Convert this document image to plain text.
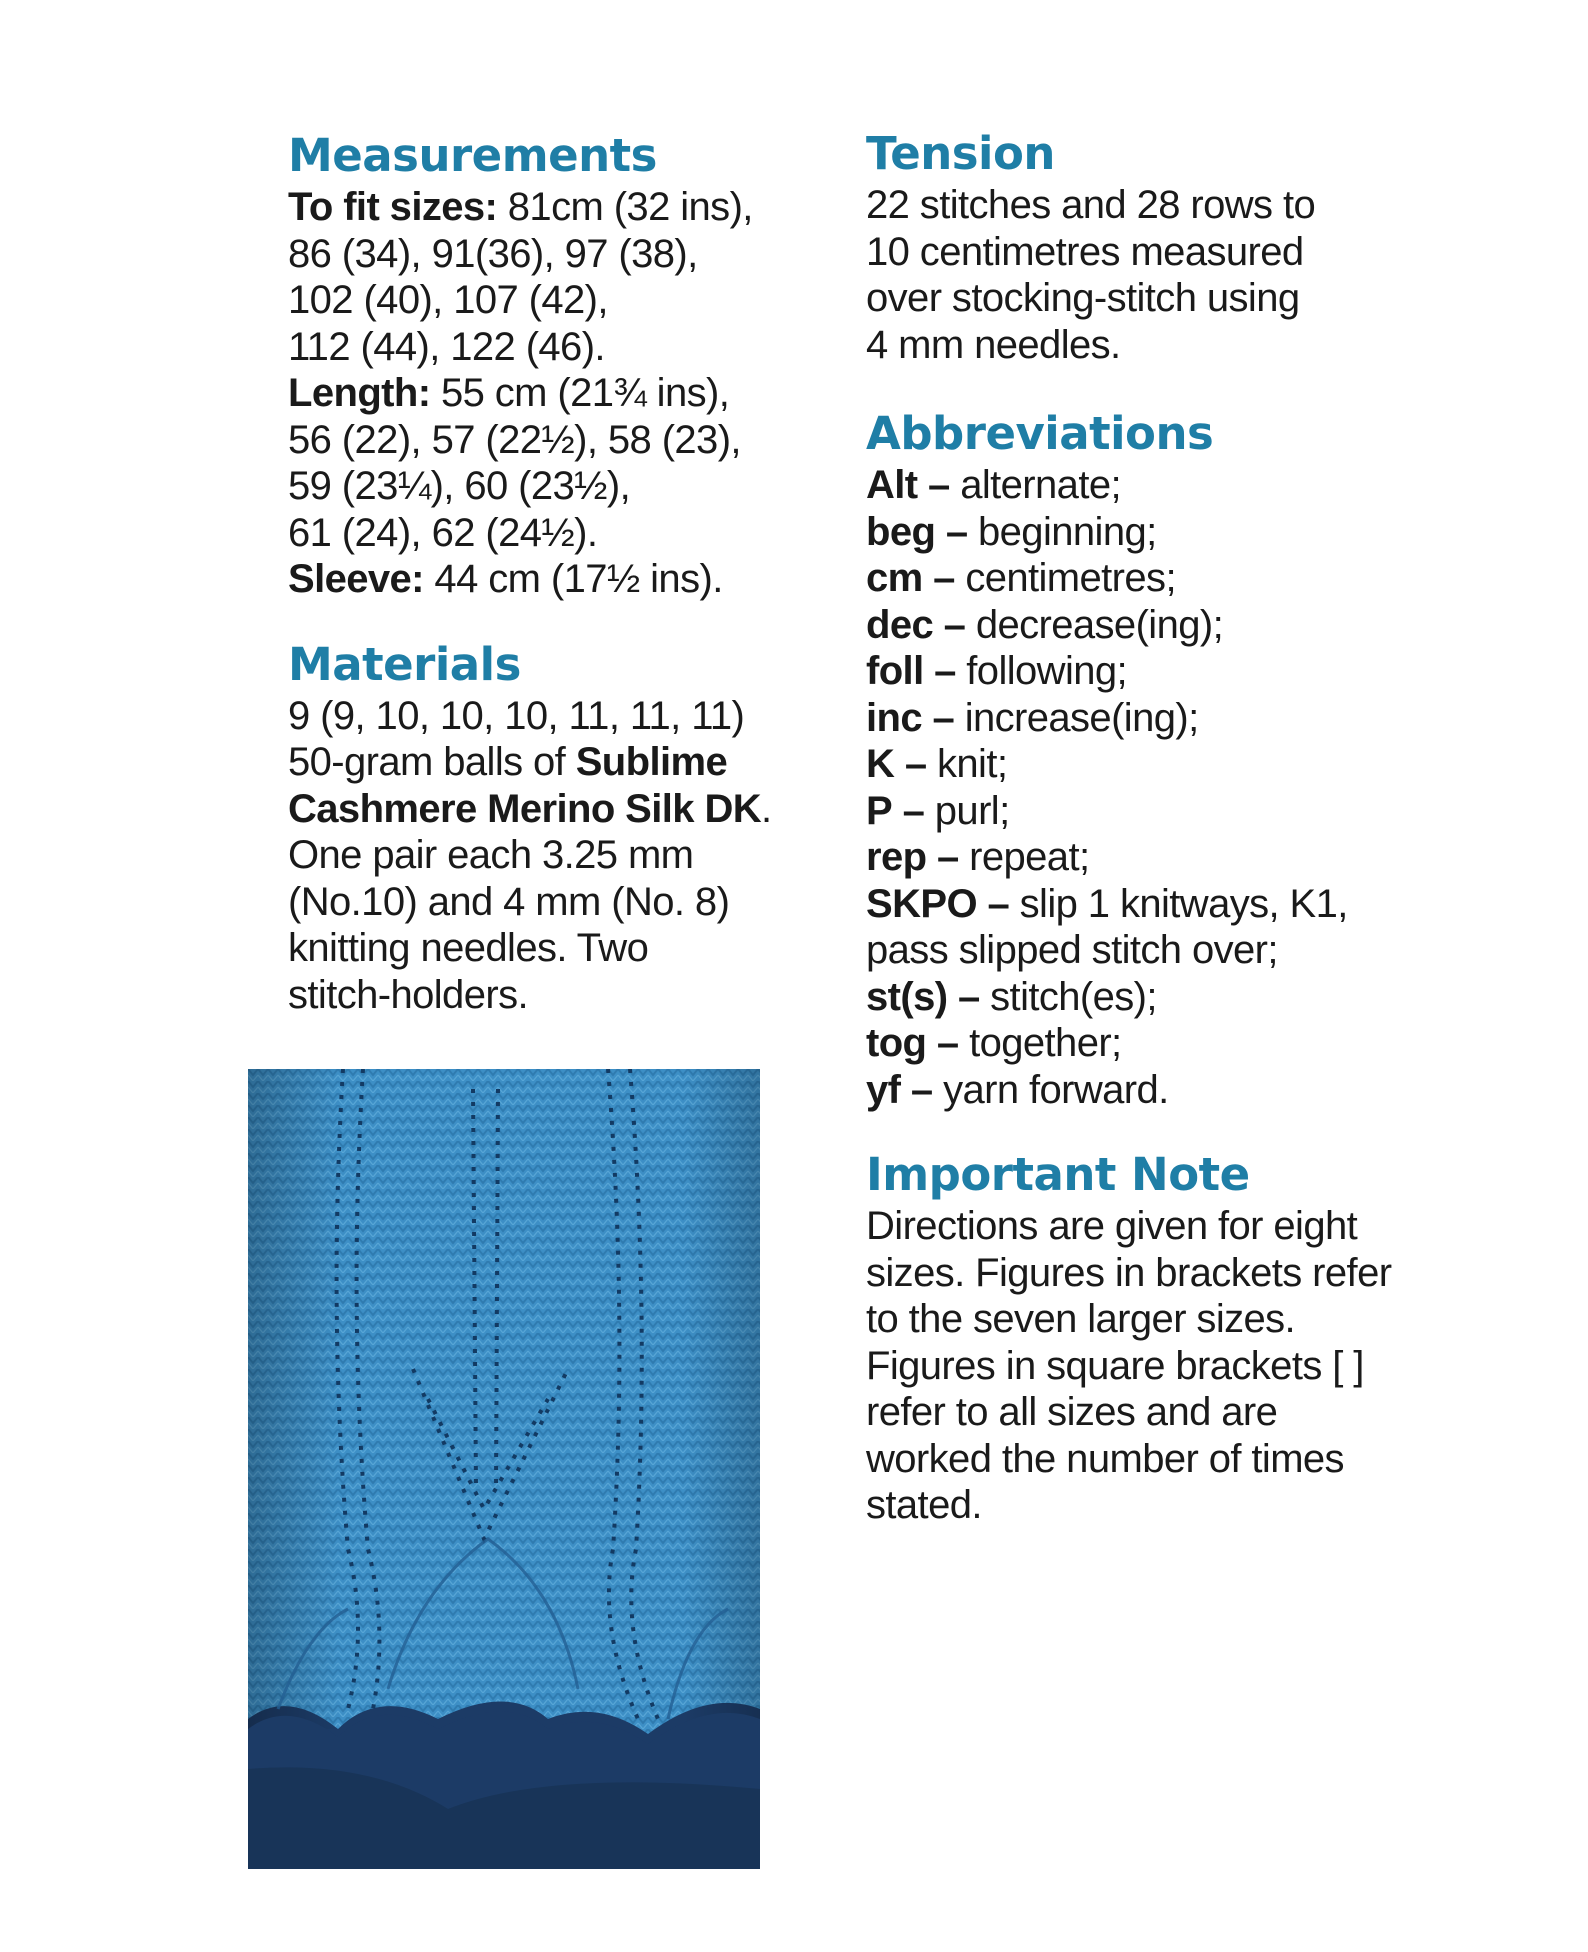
Measurements

To fit sizes: 81cm (32 ins),
86 (34), 91(36), 97 (38),
102 (40), 107 (42),
112 (44), 122 (46).
Length: 55 cm (21¾ ins),
56 (22), 57 (22½), 58 (23),
59 (23¼), 60 (23½),
61 (24), 62 (24½).
Sleeve: 44 cm (17½ ins).

Materials

9 (9, 10, 10, 10, 11, 11, 11)
50-gram balls of Sublime
Cashmere Merino Silk DK.
One pair each 3.25 mm
(No.10) and 4 mm (No. 8)
knitting needles. Two
stitch-holders.

Tension

22 stitches and 28 rows to
10 centimetres measured
over stocking-stitch using
4 mm needles.

Abbreviations

Alt – alternate;
beg – beginning;
cm – centimetres;
dec – decrease(ing);
foll – following;
inc – increase(ing);
K – knit;
P – purl;
rep – repeat;
SKPO – slip 1 knitways, K1,
pass slipped stitch over;
st(s) – stitch(es);
tog – together;
yf – yarn forward.

Important Note

Directions are given for eight
sizes. Figures in brackets refer
to the seven larger sizes.
Figures in square brackets [ ]
refer to all sizes and are
worked the number of times
stated.
